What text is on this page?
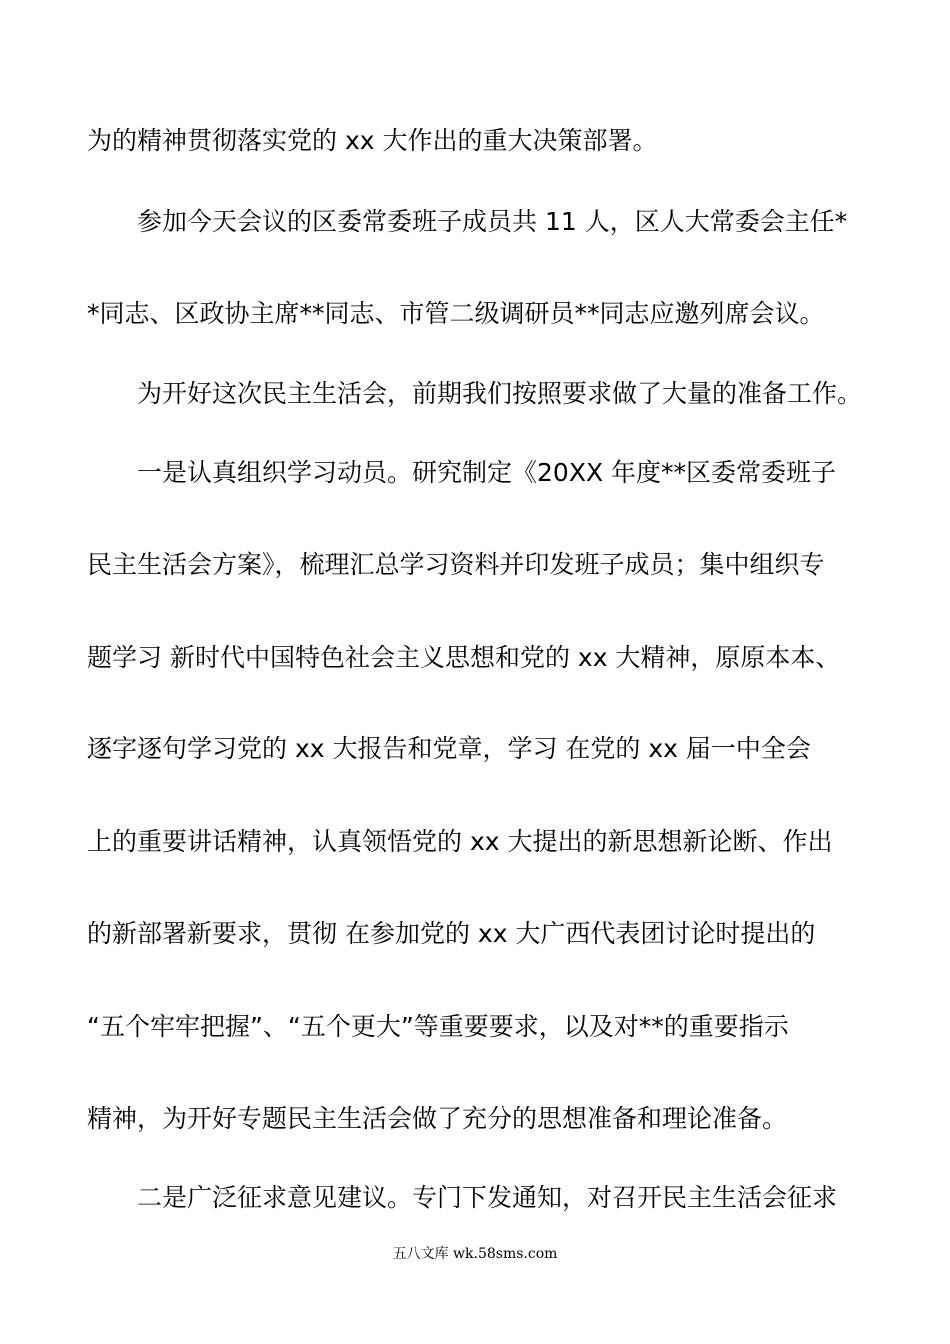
为的精神贯彻落实党的 xx 大作出的重大决策部署。
参加今天会议的区委常委班子成员共 11 人，区人大常委会主任*
*同志、区政协主席**同志、市管二级调研员**同志应邀列席会议。
为开好这次民主生活会，前期我们按照要求做了大量的准备工作。
一是认真组织学习动员。研究制定《20XX 年度**区委常委班子
民主生活会方案》，梳理汇总学习资料并印发班子成员；集中组织专
题学习 新时代中国特色社会主义思想和党的 xx 大精神，原原本本、
逐字逐句学习党的 xx 大报告和党章，学习 在党的 xx 届一中全会
上的重要讲话精神，认真领悟党的 xx 大提出的新思想新论断、作出
的新部署新要求，贯彻 在参加党的 xx 大广西代表团讨论时提出的
“五个牢牢把握”、“五个更大”等重要要求，以及对**的重要指示
精神，为开好专题民主生活会做了充分的思想准备和理论准备。
二是广泛征求意见建议。专门下发通知，对召开民主生活会征求
五八文库 wk.58sms.com
